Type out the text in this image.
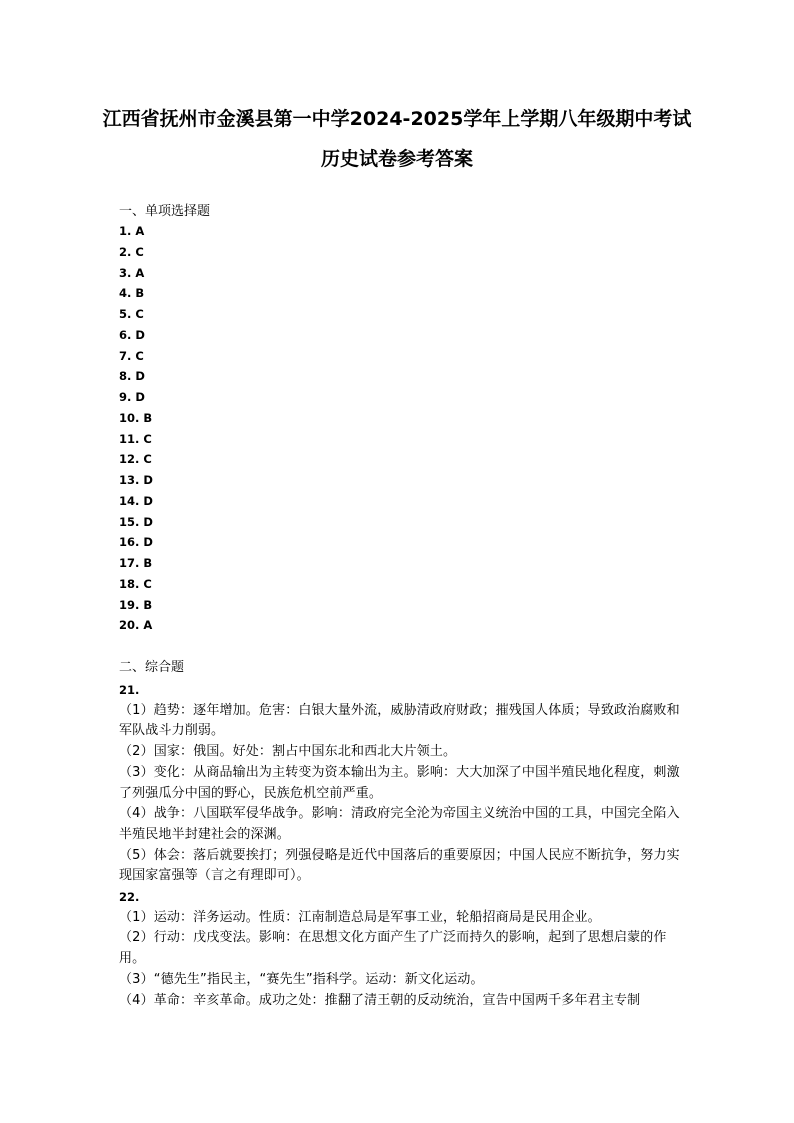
江西省抚州市金溪县第一中学2024-2025学年上学期八年级期中考试
历史试卷参考答案
一、单项选择题
1. A
2. C
3. A
4. B
5. C
6. D
7. C
8. D
9. D
10. B
11. C
12. C
13. D
14. D
15. D
16. D
17. B
18. C
19. B
20. A
二、综合题
21.
（1）趋势：逐年增加。危害：白银大量外流，威胁清政府财政；摧残国人体质；导致政治腐败和军队战斗力削弱。
（2）国家：俄国。好处：割占中国东北和西北大片领土。
（3）变化：从商品输出为主转变为资本输出为主。影响：大大加深了中国半殖民地化程度，刺激了列强瓜分中国的野心，民族危机空前严重。
（4）战争：八国联军侵华战争。影响：清政府完全沦为帝国主义统治中国的工具，中国完全陷入半殖民地半封建社会的深渊。
（5）体会：落后就要挨打；列强侵略是近代中国落后的重要原因；中国人民应不断抗争，努力实现国家富强等（言之有理即可）。
22.
（1）运动：洋务运动。性质：江南制造总局是军事工业，轮船招商局是民用企业。
（2）行动：戊戌变法。影响：在思想文化方面产生了广泛而持久的影响，起到了思想启蒙的作用。
（3）“德先生”指民主，“赛先生”指科学。运动：新文化运动。
（4）革命：辛亥革命。成功之处：推翻了清王朝的反动统治，宣告中国两千多年君主专制
